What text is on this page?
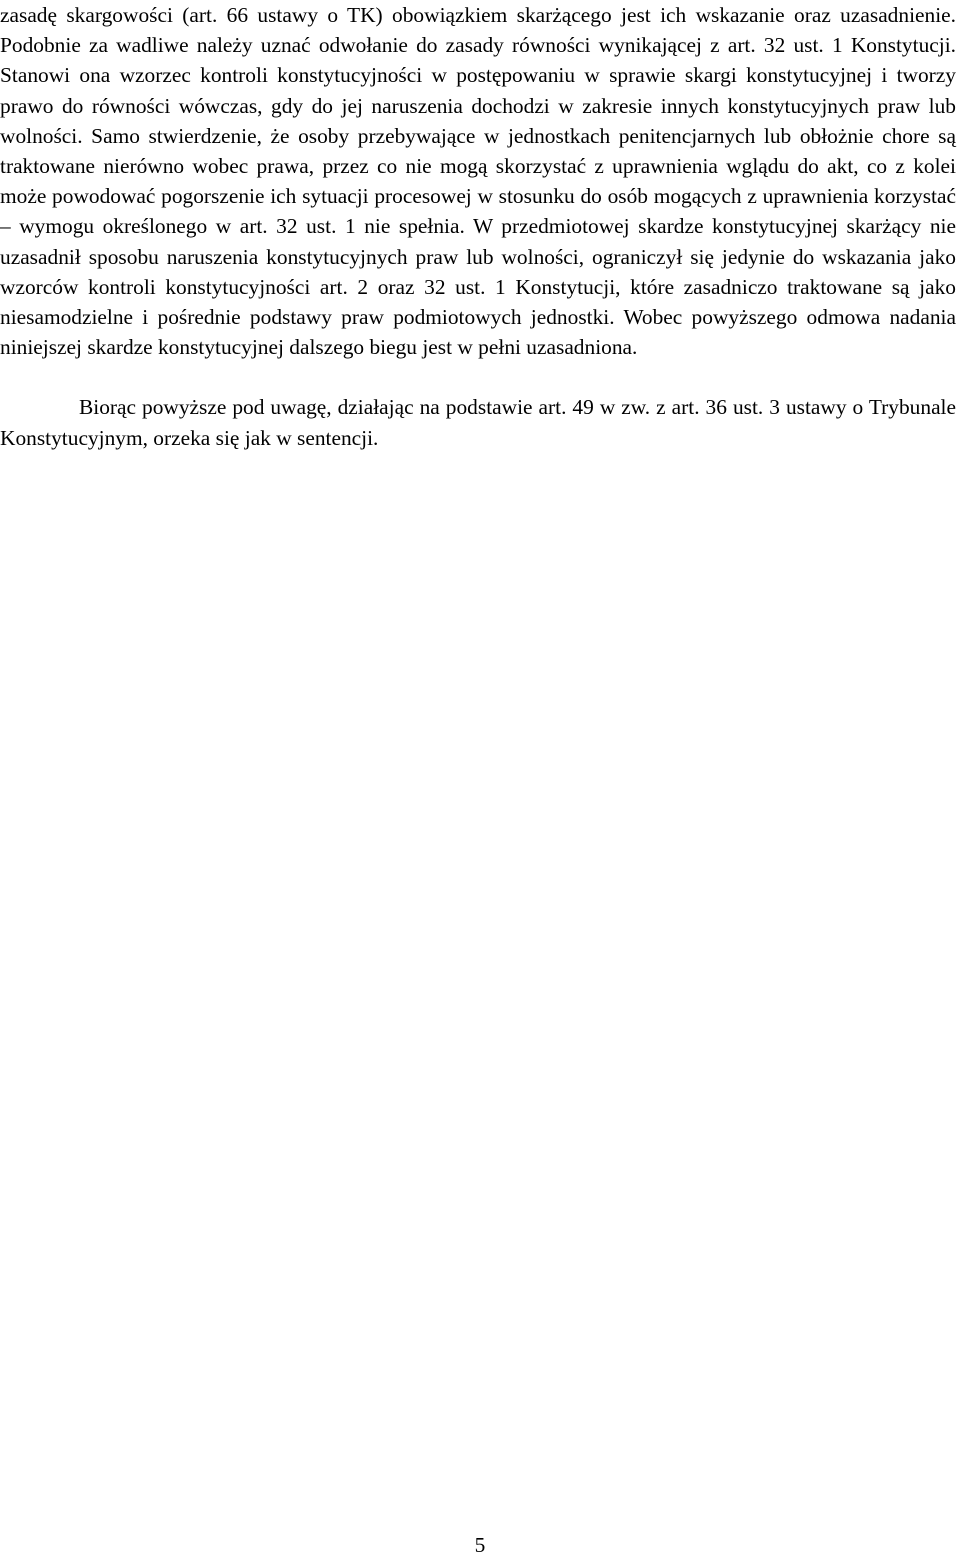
zasadę skargowości (art. 66 ustawy o TK) obowiązkiem skarżącego jest ich wskazanie oraz uzasadnienie. Podobnie za wadliwe należy uznać odwołanie do zasady równości wynikającej z art. 32 ust. 1 Konstytucji. Stanowi ona wzorzec kontroli konstytucyjności w postępowaniu w sprawie skargi konstytucyjnej i tworzy prawo do równości wówczas, gdy do jej naruszenia dochodzi w zakresie innych konstytucyjnych praw lub wolności. Samo stwierdzenie, że osoby przebywające w jednostkach penitencjarnych lub obłożnie chore są traktowane nierówno wobec prawa, przez co nie mogą skorzystać z uprawnienia wglądu do akt, co z kolei może powodować pogorszenie ich sytuacji procesowej w stosunku do osób mogących z uprawnienia korzystać – wymogu określonego w art. 32 ust. 1 nie spełnia. W przedmiotowej skardze konstytucyjnej skarżący nie uzasadnił sposobu naruszenia konstytucyjnych praw lub wolności, ograniczył się jedynie do wskazania jako wzorców kontroli konstytucyjności art. 2 oraz 32 ust. 1 Konstytucji, które zasadniczo traktowane są jako niesamodzielne i pośrednie podstawy praw podmiotowych jednostki. Wobec powyższego odmowa nadania niniejszej skardze konstytucyjnej dalszego biegu jest w pełni uzasadniona.

Biorąc powyższe pod uwagę, działając na podstawie art. 49 w zw. z art. 36 ust. 3 ustawy o Trybunale Konstytucyjnym, orzeka się jak w sentencji.

5
